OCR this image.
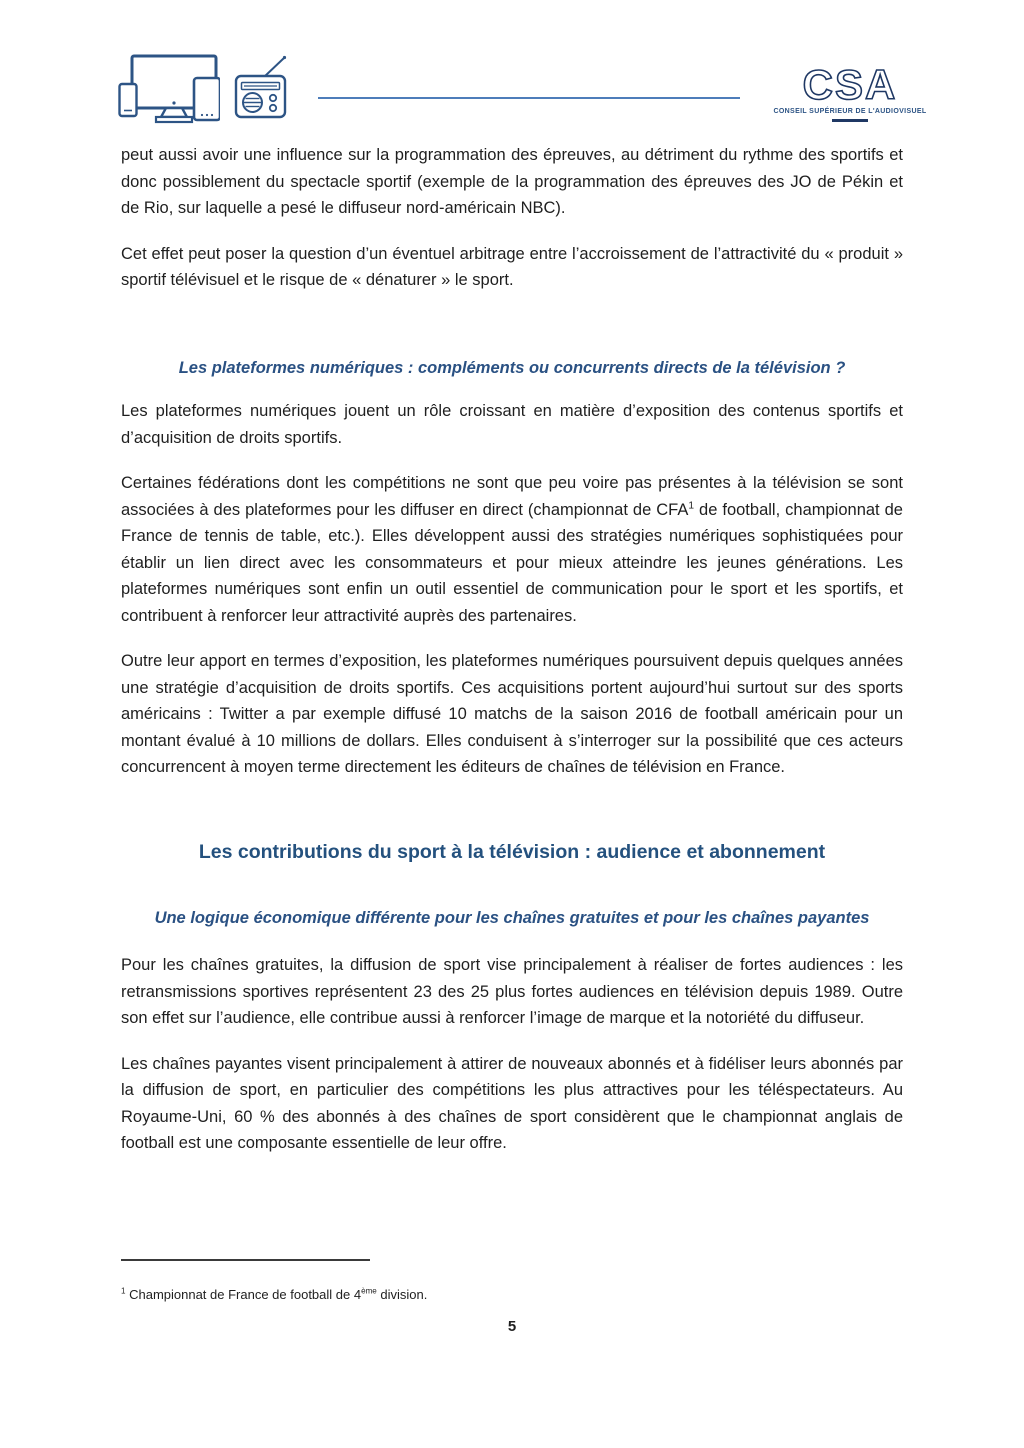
CSA
CONSEIL SUPÉRIEUR DE L'AUDIOVISUEL

peut aussi avoir une influence sur la programmation des épreuves, au détriment du rythme des sportifs et donc possiblement du spectacle sportif (exemple de la programmation des épreuves des JO de Pékin et de Rio, sur laquelle a pesé le diffuseur nord-américain NBC).

Cet effet peut poser la question d’un éventuel arbitrage entre l’accroissement de l’attractivité du « produit » sportif télévisuel et le risque de « dénaturer » le sport.

Les plateformes numériques : compléments ou concurrents directs de la télévision ?

Les plateformes numériques jouent un rôle croissant en matière d’exposition des contenus sportifs et d’acquisition de droits sportifs.

Certaines fédérations dont les compétitions ne sont que peu voire pas présentes à la télévision se sont associées à des plateformes pour les diffuser en direct (championnat de CFA$^1$ de football, championnat de France de tennis de table, etc.). Elles développent aussi des stratégies numériques sophistiquées pour établir un lien direct avec les consommateurs et pour mieux atteindre les jeunes générations. Les plateformes numériques sont enfin un outil essentiel de communication pour le sport et les sportifs, et contribuent à renforcer leur attractivité auprès des partenaires.

Outre leur apport en termes d’exposition, les plateformes numériques poursuivent depuis quelques années une stratégie d’acquisition de droits sportifs. Ces acquisitions portent aujourd’hui surtout sur des sports américains : Twitter a par exemple diffusé 10 matchs de la saison 2016 de football américain pour un montant évalué à 10 millions de dollars. Elles conduisent à s’interroger sur la possibilité que ces acteurs concurrencent à moyen terme directement les éditeurs de chaînes de télévision en France.

Les contributions du sport à la télévision : audience et abonnement
Une logique économique différente pour les chaînes gratuites et pour les chaînes payantes

Pour les chaînes gratuites, la diffusion de sport vise principalement à réaliser de fortes audiences : les retransmissions sportives représentent 23 des 25 plus fortes audiences en télévision depuis 1989. Outre son effet sur l’audience, elle contribue aussi à renforcer l’image de marque et la notoriété du diffuseur.

Les chaînes payantes visent principalement à attirer de nouveaux abonnés et à fidéliser leurs abonnés par la diffusion de sport, en particulier des compétitions les plus attractives pour les téléspectateurs. Au Royaume-Uni, 60 % des abonnés à des chaînes de sport considèrent que le championnat anglais de football est une composante essentielle de leur offre.

$^1$ Championnat de France de football de 4ème division.

5
